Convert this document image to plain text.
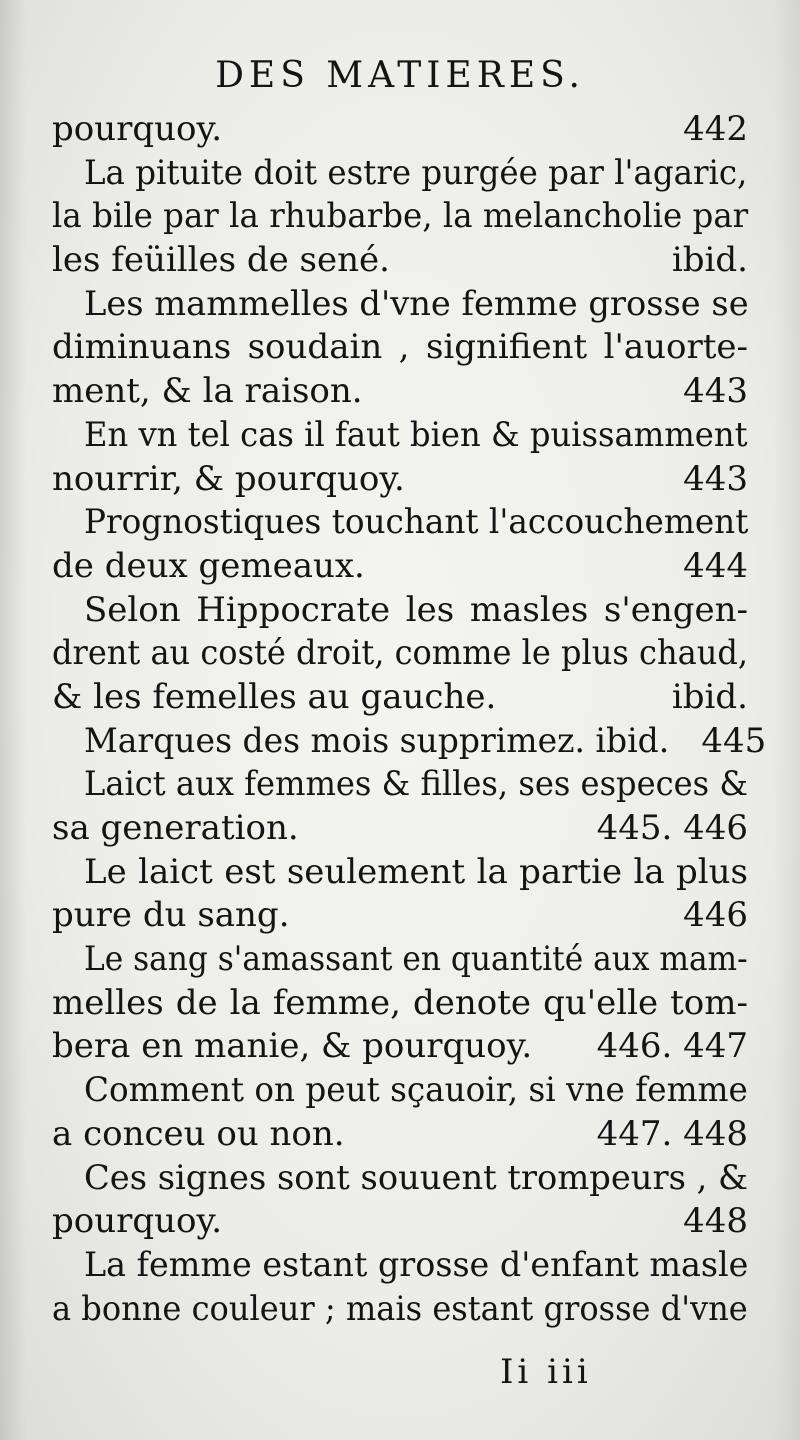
DES MATIERES.
pourquoy.	442
La pituite doit estre purgée par l'agaric,
la bile par la rhubarbe, la melancholie par
les feüilles de sené.	ibid.
Les mammelles d'vne femme grosse se
diminuans soudain , signifient l'auorte-
ment, & la raison.	443
En vn tel cas il faut bien & puissamment
nourrir, & pourquoy.	443
Prognostiques touchant l'accouchement
de deux gemeaux.	444
Selon Hippocrate les masles s'engen-
drent au costé droit, comme le plus chaud,
& les femelles au gauche.	ibid.
Marques des mois supprimez. ibid. 445
Laict aux femmes & filles, ses especes &
sa generation.	445. 446
Le laict est seulement la partie la plus
pure du sang.	446
Le sang s'amassant en quantité aux mam-
melles de la femme, denote qu'elle tom-
bera en manie, & pourquoy.	446. 447
Comment on peut sçauoir, si vne femme
a conceu ou non.	447. 448
Ces signes sont souuent trompeurs , &
pourquoy.	448
La femme estant grosse d'enfant masle
a bonne couleur ; mais estant grosse d'vne
Ii iii
